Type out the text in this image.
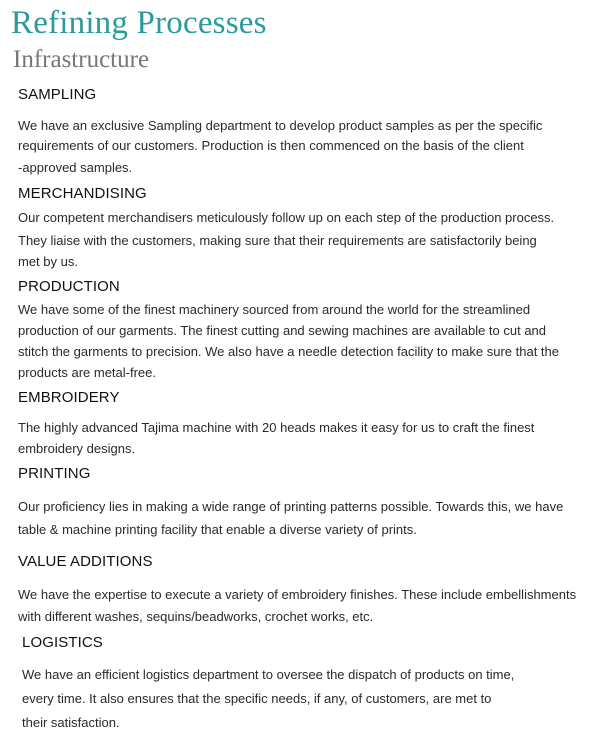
Refining Processes
Infrastructure
SAMPLING
We have an exclusive Sampling department to develop product samples as per the specific
requirements of our customers. Production is then commenced on the basis of the client
-approved samples.
MERCHANDISING
Our competent merchandisers meticulously follow up on each step of the production process.
They liaise with the customers, making sure that their requirements are satisfactorily being
met by us.
PRODUCTION
We have some of the finest machinery sourced from around the world for the streamlined
production of our garments. The finest cutting and sewing machines are available to cut and
stitch the garments to precision. We also have a needle detection facility to make sure that the
products are metal-free.
EMBROIDERY
The highly advanced Tajima machine with 20 heads makes it easy for us to craft the finest
embroidery designs.
PRINTING
Our proficiency lies in making a wide range of printing patterns possible. Towards this, we have
table & machine printing facility that enable a diverse variety of prints.
VALUE ADDITIONS
We have the expertise to execute a variety of embroidery finishes. These include embellishments
with different washes, sequins/beadworks, crochet works, etc.
LOGISTICS
We have an efficient logistics department to oversee the dispatch of products on time,
every time. It also ensures that the specific needs, if any, of customers, are met to
their satisfaction.
